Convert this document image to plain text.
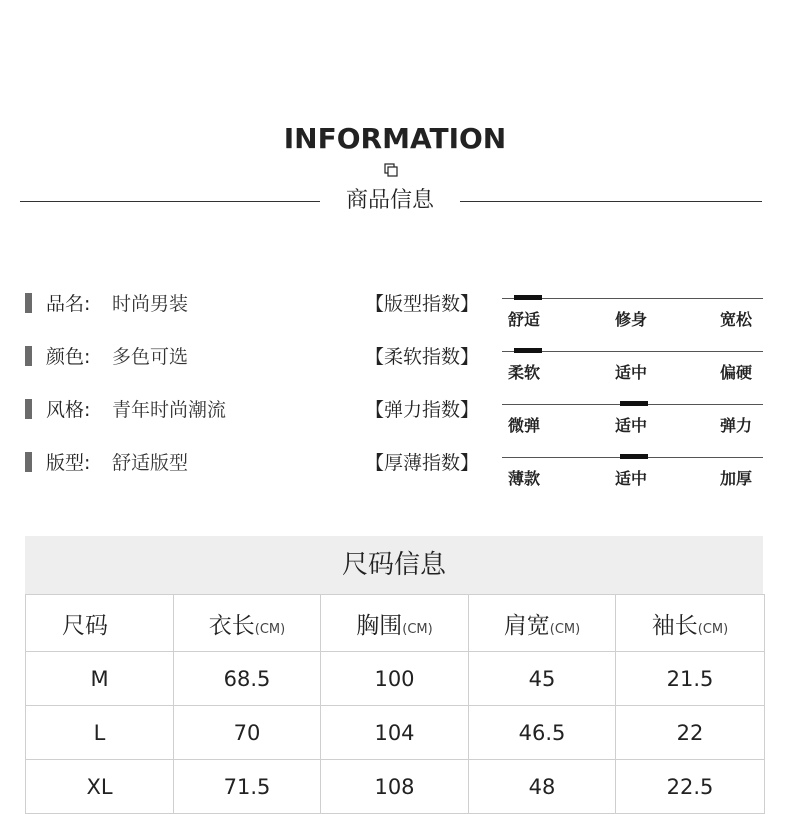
INFORMATION
商品信息
品名: 时尚男装
颜色: 多色可选
风格: 青年时尚潮流
版型: 舒适版型
【版型指数】
【柔软指数】
【弹力指数】
【厚薄指数】
舒适	修身	宽松
柔软	适中	偏硬
微弹	适中	弹力
薄款	适中	加厚
尺码信息
尺码	衣长(CM)	胸围(CM)	肩宽(CM)	袖长(CM)
M	68.5	100	45	21.5
L	70	104	46.5	22
XL	71.5	108	48	22.5
